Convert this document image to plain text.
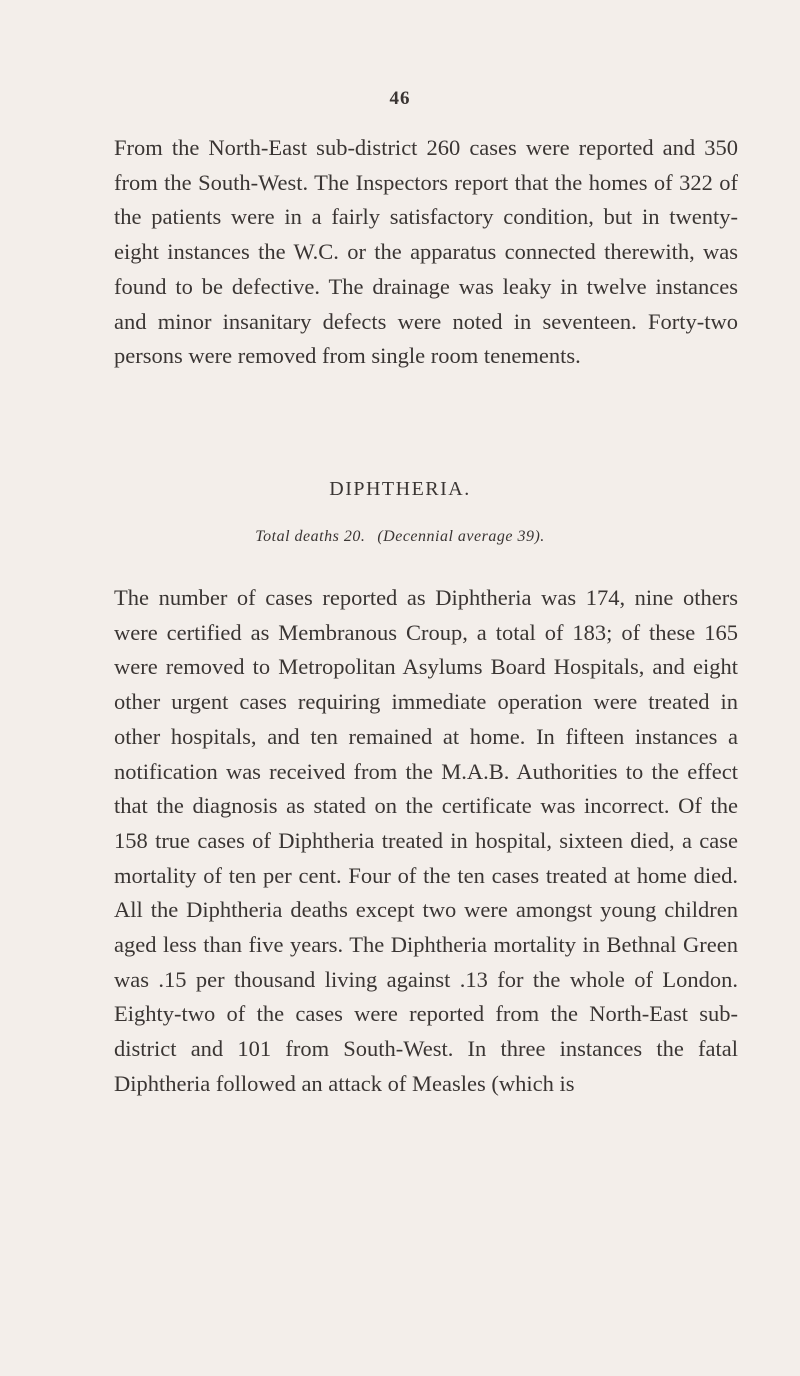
46

From the North-East sub-district 260 cases were reported and 350 from the South-West. The Inspectors report that the homes of 322 of the patients were in a fairly satisfactory condition, but in twenty-eight instances the W.C. or the apparatus connected therewith, was found to be defective. The drainage was leaky in twelve instances and minor insanitary defects were noted in seventeen. Forty-two persons were removed from single room tenements.

DIPHTHERIA.
Total deaths 20. (Decennial average 39).

The number of cases reported as Diphtheria was 174, nine others were certified as Membranous Croup, a total of 183; of these 165 were removed to Metropolitan Asylums Board Hospitals, and eight other urgent cases requiring immediate operation were treated in other hospitals, and ten remained at home. In fifteen instances a notification was received from the M.A.B. Authorities to the effect that the diagnosis as stated on the certificate was incorrect. Of the 158 true cases of Diphtheria treated in hospital, sixteen died, a case mortality of ten per cent. Four of the ten cases treated at home died. All the Diphtheria deaths except two were amongst young children aged less than five years. The Diphtheria mortality in Bethnal Green was .15 per thousand living against .13 for the whole of London. Eighty-two of the cases were reported from the North-East sub-district and 101 from South-West. In three instances the fatal Diphtheria followed an attack of Measles (which is
